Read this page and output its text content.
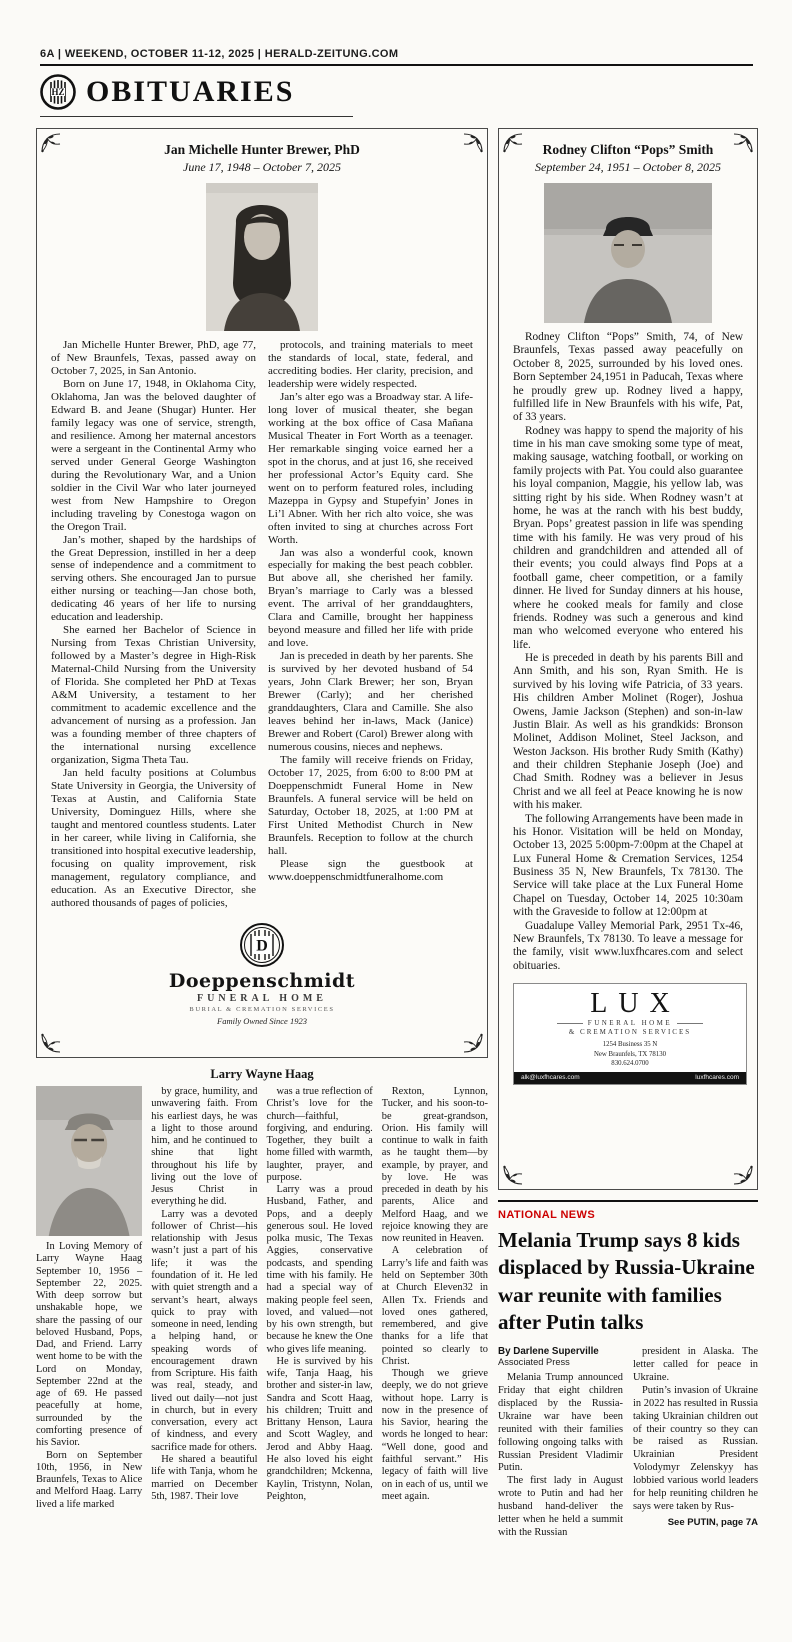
6A | WEEKEND, OCTOBER 11-12, 2025 | HERALD-ZEITUNG.COM
HZ OBITUARIES
Jan Michelle Hunter Brewer, PhD
June 17, 1948 – October 7, 2025

Jan Michelle Hunter Brewer, PhD, age 77, of New Braunfels, Texas, passed away on October 7, 2025, in San Antonio.

Born on June 17, 1948, in Oklahoma City, Oklahoma, Jan was the beloved daughter of Edward B. and Jeane (Shugar) Hunter. Her family legacy was one of service, strength, and resilience. Among her maternal ancestors were a sergeant in the Continental Army who served under General George Washington during the Revolutionary War, and a Union soldier in the Civil War who later journeyed west from New Hampshire to Oregon including traveling by Conestoga wagon on the Oregon Trail.

Jan’s mother, shaped by the hardships of the Great Depression, instilled in her a deep sense of independence and a commitment to serving others. She encouraged Jan to pursue either nursing or teaching—Jan chose both, dedicating 46 years of her life to nursing education and leadership.

She earned her Bachelor of Science in Nursing from Texas Christian University, followed by a Master’s degree in High-Risk Maternal-Child Nursing from the University of Florida. She completed her PhD at Texas A&M University, a testament to her commitment to academic excellence and the advancement of nursing as a profession. Jan was a founding member of three chapters of the international nursing excellence organization, Sigma Theta Tau.

Jan held faculty positions at Columbus State University in Georgia, the University of Texas at Austin, and California State University, Dominguez Hills, where she taught and mentored countless students. Later in her career, while living in California, she transitioned into hospital executive leadership, focusing on quality improvement, risk management, regulatory compliance, and education. As an Executive Director, she authored thousands of pages of policies,

protocols, and training materials to meet the standards of local, state, federal, and accrediting bodies. Her clarity, precision, and leadership were widely respected.

Jan’s alter ego was a Broadway star. A life-long lover of musical theater, she began working at the box office of Casa Mañana Musical Theater in Fort Worth as a teenager. Her remarkable singing voice earned her a spot in the chorus, and at just 16, she received her professional Actor’s Equity card. She went on to perform featured roles, including Mazeppa in Gypsy and Stupefyin’ Jones in Li’l Abner. With her rich alto voice, she was often invited to sing at churches across Fort Worth.

Jan was also a wonderful cook, known especially for making the best peach cobbler. But above all, she cherished her family. Bryan’s marriage to Carly was a blessed event. The arrival of her granddaughters, Clara and Camille, brought her happiness beyond measure and filled her life with pride and love.

Jan is preceded in death by her parents. She is survived by her devoted husband of 54 years, John Clark Brewer; her son, Bryan Brewer (Carly); and her cherished granddaughters, Clara and Camille. She also leaves behind her in-laws, Mack (Janice) Brewer and Robert (Carol) Brewer along with numerous cousins, nieces and nephews.

The family will receive friends on Friday, October 17, 2025, from 6:00 to 8:00 PM at Doeppenschmidt Funeral Home in New Braunfels. A funeral service will be held on Saturday, October 18, 2025, at 1:00 PM at First United Methodist Church in New Braunfels. Reception to follow at the church hall.

Please sign the guestbook at www.doeppenschmidtfuneralhome.com

D
Doeppenschmidt
FUNERAL HOME
BURIAL & CREMATION SERVICES
Family Owned Since 1923
Larry Wayne Haag

In Loving Memory of Larry Wayne Haag September 10, 1956 – September 22, 2025. With deep sorrow but unshakable hope, we share the passing of our beloved Husband, Pops, Dad, and Friend. Larry went home to be with the Lord on Monday, September 22nd at the age of 69. He passed peacefully at home, surrounded by the comforting presence of his Savior.

Born on September 10th, 1956, in New Braunfels, Texas to Alice and Melford Haag. Larry lived a life marked

by grace, humility, and unwavering faith. From his earliest days, he was a light to those around him, and he continued to shine that light throughout his life by living out the love of Jesus Christ in everything he did.

Larry was a devoted follower of Christ—his relationship with Jesus wasn’t just a part of his life; it was the foundation of it. He led with quiet strength and a servant’s heart, always quick to pray with someone in need, lending a helping hand, or speaking words of encouragement drawn from Scripture. His faith was real, steady, and lived out daily—not just in church, but in every conversation, every act of kindness, and every sacrifice made for others.

He shared a beautiful life with Tanja, whom he married on December 5th, 1987. Their love

was a true reflection of Christ’s love for the church—faithful, forgiving, and enduring. Together, they built a home filled with warmth, laughter, prayer, and purpose.

Larry was a proud Husband, Father, and Pops, and a deeply generous soul. He loved polka music, The Texas Aggies, conservative podcasts, and spending time with his family. He had a special way of making people feel seen, loved, and valued—not by his own strength, but because he knew the One who gives life meaning.

He is survived by his wife, Tanja Haag, his brother and sister-in law, Sandra and Scott Haag, his children; Truitt and Brittany Henson, Laura and Scott Wagley, and Jerod and Abby Haag. He also loved his eight grandchildren; Mckenna, Kaylin, Tristynn, Nolan, Peighton,

Rexton, Lynnon, Tucker, and his soon-to-be great-grandson, Orion. His family will continue to walk in faith as he taught them—by example, by prayer, and by love. He was preceded in death by his parents, Alice and Melford Haag, and we rejoice knowing they are now reunited in Heaven.

A celebration of Larry’s life and faith was held on September 30th at Church Eleven32 in Allen Tx. Friends and loved ones gathered, remembered, and give thanks for a life that pointed so clearly to Christ.

Though we grieve deeply, we do not grieve without hope. Larry is now in the presence of his Savior, hearing the words he longed to hear: “Well done, good and faithful servant.” His legacy of faith will live on in each of us, until we meet again.

Rodney Clifton “Pops” Smith
September 24, 1951 – October 8, 2025

Rodney Clifton “Pops” Smith, 74, of New Braunfels, Texas passed away peacefully on October 8, 2025, surrounded by his loved ones. Born September 24,1951 in Paducah, Texas where he proudly grew up. Rodney lived a happy, fulfilled life in New Braunfels with his wife, Pat, of 33 years.

Rodney was happy to spend the majority of his time in his man cave smoking some type of meat, making sausage, watching football, or working on family projects with Pat. You could also guarantee his loyal companion, Maggie, his yellow lab, was sitting right by his side. When Rodney wasn’t at home, he was at the ranch with his best buddy, Bryan. Pops’ greatest passion in life was spending time with his family. He was very proud of his children and grandchildren and attended all of their events; you could always find Pops at a football game, cheer competition, or a family dinner. He lived for Sunday dinners at his house, where he cooked meals for family and close friends. Rodney was such a generous and kind man who welcomed everyone who entered his life.

He is preceded in death by his parents Bill and Ann Smith, and his son, Ryan Smith. He is survived by his loving wife Patricia, of 33 years. His children Amber Molinet (Roger), Joshua Owens, Jamie Jackson (Stephen) and son-in-law Justin Blair. As well as his grandkids: Bronson Molinet, Addison Molinet, Steel Jackson, and Weston Jackson. His brother Rudy Smith (Kathy) and their children Stephanie Joseph (Joe) and Chad Smith. Rodney was a believer in Jesus Christ and we all feel at Peace knowing he is now with his maker.

The following Arrangements have been made in his Honor. Visitation will be held on Monday, October 13, 2025 5:00pm-7:00pm at the Chapel at Lux Funeral Home & Cremation Services, 1254 Business 35 N, New Braunfels, Tx 78130. The Service will take place at the Lux Funeral Home Chapel on Tuesday, October 14, 2025 10:30am with the Graveside to follow at 12:00pm at

Guadalupe Valley Memorial Park, 2951 Tx-46, New Braunfels, Tx 78130. To leave a message for the family, visit www.luxfhcares.com and select obituaries.

LUX
FUNERAL HOME
& CREMATION SERVICES
1254 Business 35 N
New Braunfels, TX 78130
830.624.0700
alk@luxfhcares.com	luxfhcares.com
NATIONAL NEWS
Melania Trump says 8 kids displaced by Russia-Ukraine war reunite with families after Putin talks
By Darlene Superville
Associated Press

Melania Trump announced Friday that eight children displaced by the Russia-Ukraine war have been reunited with their families following ongoing talks with Russian President Vladimir Putin.

The first lady in August wrote to Putin and had her husband hand-deliver the letter when he held a summit with the Russian

president in Alaska. The letter called for peace in Ukraine.

Putin’s invasion of Ukraine in 2022 has resulted in Russia taking Ukrainian children out of their country so they can be raised as Russian. Ukrainian President Volodymyr Zelenskyy has lobbied various world leaders for help reuniting children he says were taken by Rus-

See PUTIN, page 7A
